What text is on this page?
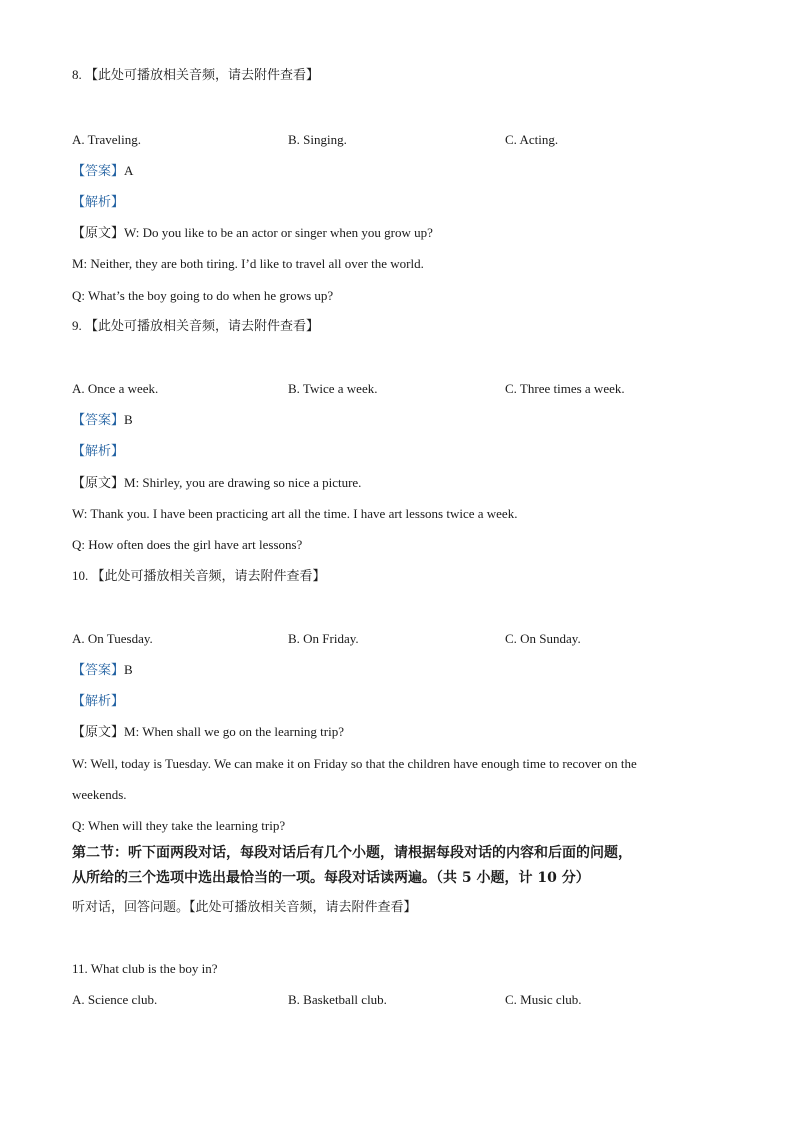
8. 【此处可播放相关音频，请去附件查看】
A. Traveling.	B. Singing.	C. Acting.
【答案】A
【解析】
【原文】W: Do you like to be an actor or singer when you grow up?
M: Neither, they are both tiring. I’d like to travel all over the world.
Q: What’s the boy going to do when he grows up?
9. 【此处可播放相关音频，请去附件查看】
A. Once a week.	B. Twice a week.	C. Three times a week.
【答案】B
【解析】
【原文】M: Shirley, you are drawing so nice a picture.
W: Thank you. I have been practicing art all the time. I have art lessons twice a week.
Q: How often does the girl have art lessons?
10. 【此处可播放相关音频，请去附件查看】
A. On Tuesday.	B. On Friday.	C. On Sunday.
【答案】B
【解析】
【原文】M: When shall we go on the learning trip?
W: Well, today is Tuesday. We can make it on Friday so that the children have enough time to recover on the
weekends.
Q: When will they take the learning trip?
第二节：听下面两段对话，每段对话后有几个小题，请根据每段对话的内容和后面的问题，
从所给的三个选项中选出最恰当的一项。每段对话读两遍。（共 5 小题，计 10 分）
听对话，回答问题。【此处可播放相关音频，请去附件查看】
11. What club is the boy in?
A. Science club.	B. Basketball club.	C. Music club.
